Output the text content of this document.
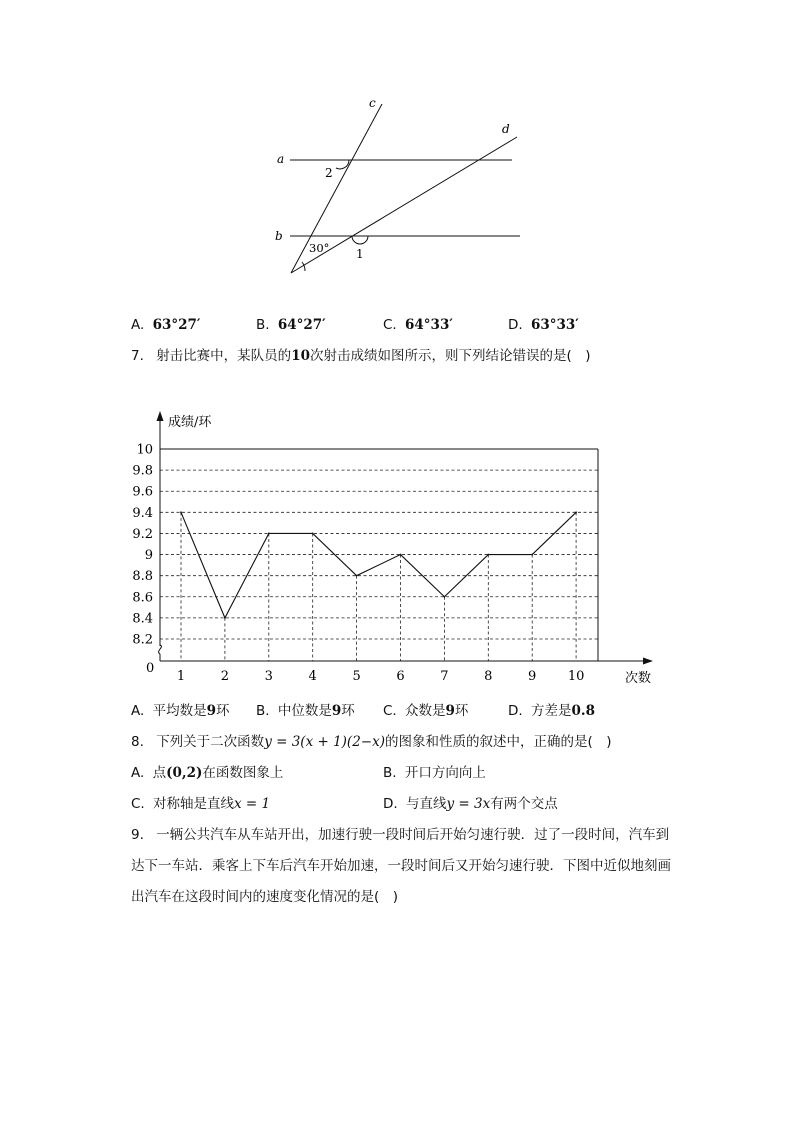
a
b
c
d
2
30° 1
A. 63°27′	B. 64°27′	C. 64°33′	D. 63°33′
7. 射击比赛中，某队员的10次射击成绩如图所示，则下列结论错误的是(　)
8.2
8.4
8.6
8.8
9
9.2
9.4
9.6
9.8
10
1	2	3	4	5	6	7	8	9 10
成绩/环
次数
0
A. 平均数是9环 B. 中位数是9环 C. 众数是9环	D. 方差是0.8
8. 下列关于二次函数y = 3(x + 1)(2−x)的图象和性质的叙述中，正确的是(　)
A. 点(0,2)在函数图象上	B. 开口方向向上
C. 对称轴是直线x = 1	D. 与直线y = 3x有两个交点
9. 一辆公共汽车从车站开出，加速行驶一段时间后开始匀速行驶．过了一段时间，汽车到
达下一车站．乘客上下车后汽车开始加速，一段时间后又开始匀速行驶．下图中近似地刻画
出汽车在这段时间内的速度变化情况的是(　)
